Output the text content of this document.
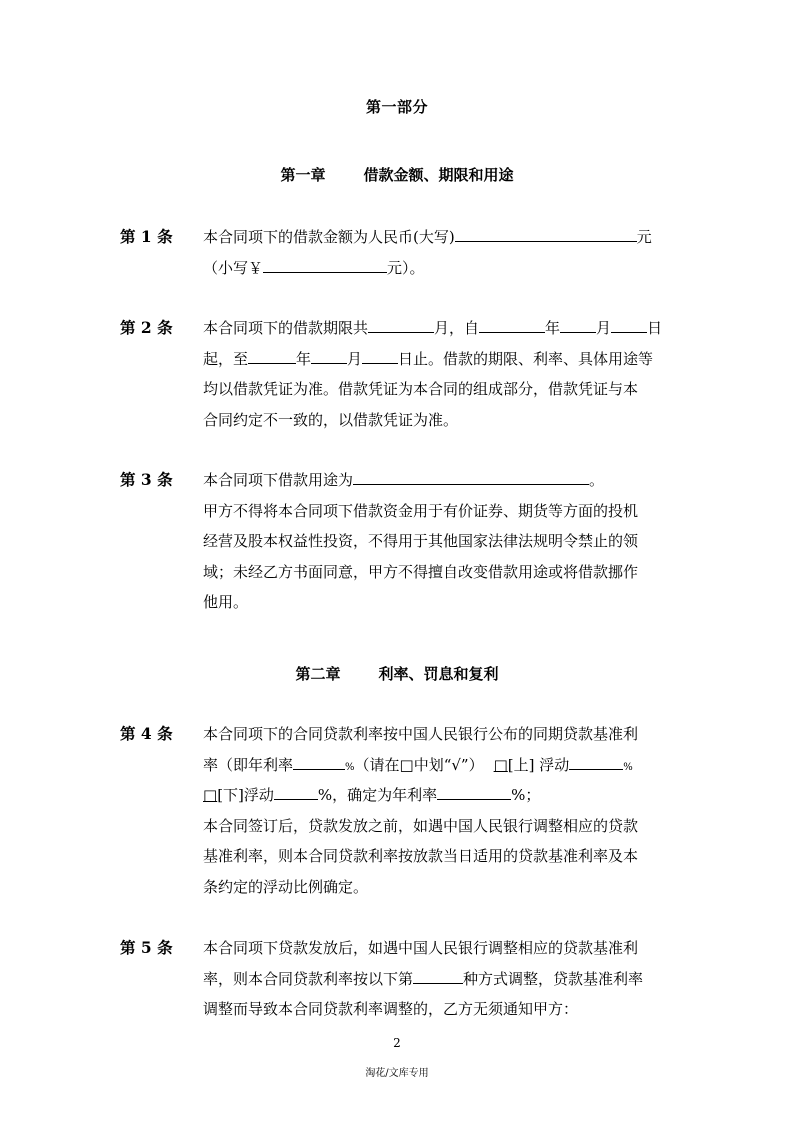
第一部分
第一章	借款金额、期限和用途
第 1 条 本合同项下的借款金额为人民币(大写)	元
（小写￥	元）。
第 2 条 本合同项下的借款期限共	月，自	年 月 日
起，至	年 月 日止。借款的期限、利率、具体用途等
均以借款凭证为准。借款凭证为本合同的组成部分，借款凭证与本
合同约定不一致的，以借款凭证为准。
第 3 条 本合同项下借款用途为	。
甲方不得将本合同项下借款资金用于有价证券、期货等方面的投机
经营及股本权益性投资，不得用于其他国家法律法规明令禁止的领
域；未经乙方书面同意，甲方不得擅自改变借款用途或将借款挪作
他用。
第二章	利率、罚息和复利
第 4 条 本合同项下的合同贷款利率按中国人民银行公布的同期贷款基准利
率（即年利率	%（请在□中划“√”） □[上] 浮动	%
□[下]浮动	%，确定为年利率	%；
本合同签订后，贷款发放之前，如遇中国人民银行调整相应的贷款
基准利率，则本合同贷款利率按放款当日适用的贷款基准利率及本
条约定的浮动比例确定。
第 5 条 本合同项下贷款发放后，如遇中国人民银行调整相应的贷款基准利
率，则本合同贷款利率按以下第	种方式调整，贷款基准利率
调整而导致本合同贷款利率调整的，乙方无须通知甲方：
2
淘花/文库专用
